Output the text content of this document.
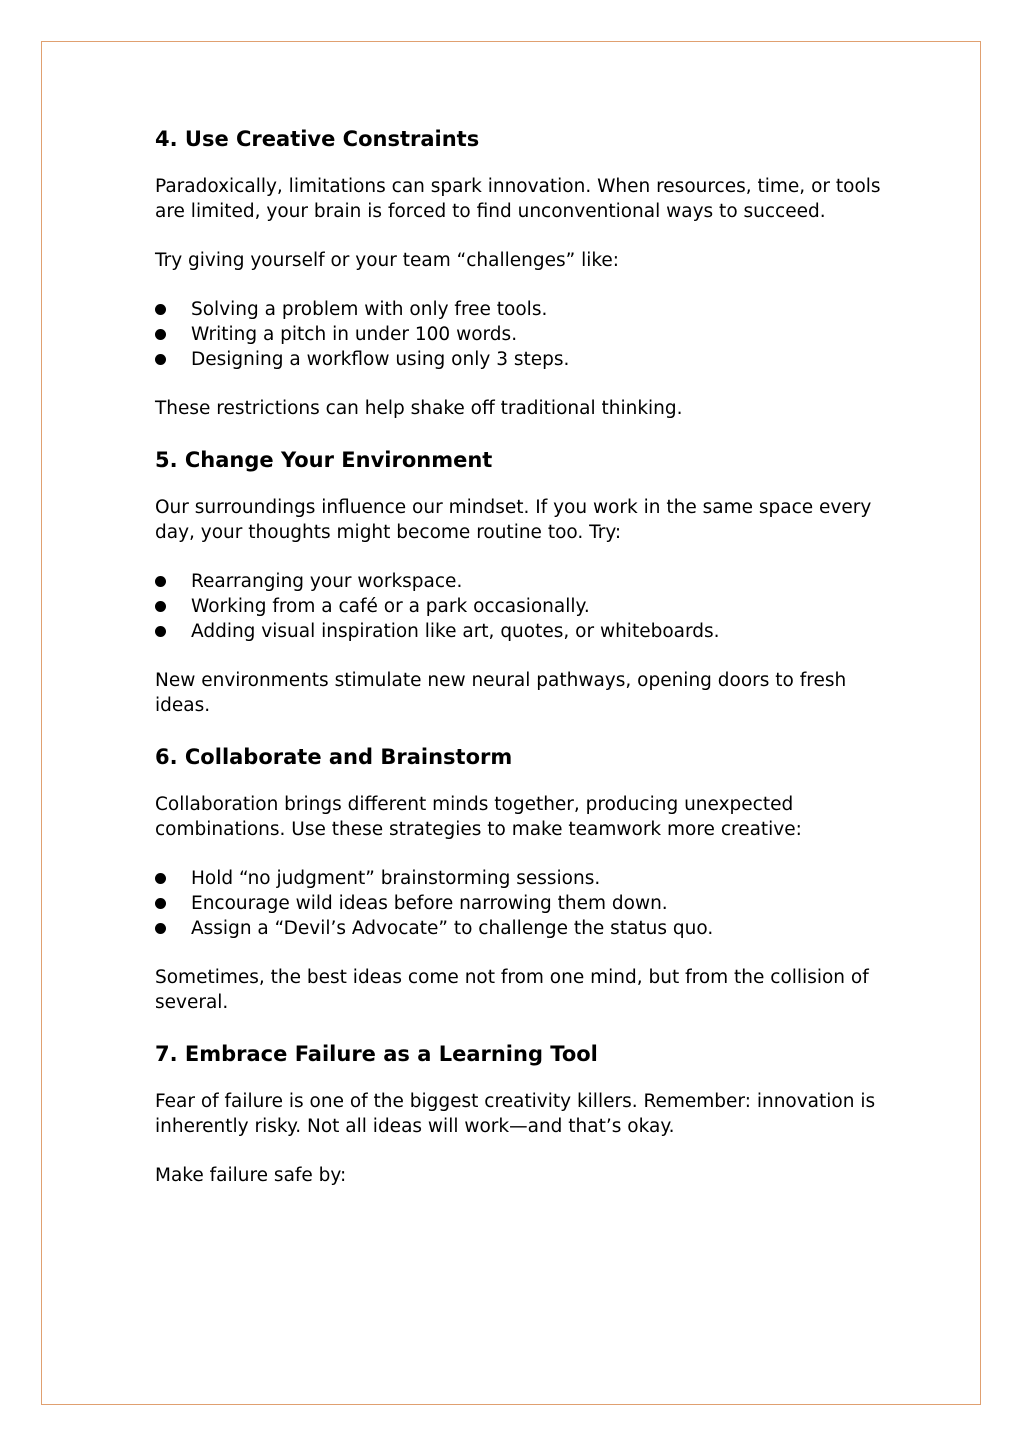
4. Use Creative Constraints

Paradoxically, limitations can spark innovation. When resources, time, or tools are limited, your brain is forced to find unconventional ways to succeed.

Try giving yourself or your team “challenges” like:

Solving a problem with only free tools.
Writing a pitch in under 100 words.
Designing a workflow using only 3 steps.

These restrictions can help shake off traditional thinking.

5. Change Your Environment

Our surroundings influence our mindset. If you work in the same space every day, your thoughts might become routine too. Try:

Rearranging your workspace.
Working from a café or a park occasionally.
Adding visual inspiration like art, quotes, or whiteboards.

New environments stimulate new neural pathways, opening doors to fresh ideas.

6. Collaborate and Brainstorm

Collaboration brings different minds together, producing unexpected combinations. Use these strategies to make teamwork more creative:

Hold “no judgment” brainstorming sessions.
Encourage wild ideas before narrowing them down.
Assign a “Devil’s Advocate” to challenge the status quo.

Sometimes, the best ideas come not from one mind, but from the collision of several.

7. Embrace Failure as a Learning Tool

Fear of failure is one of the biggest creativity killers. Remember: innovation is inherently risky. Not all ideas will work—and that’s okay.

Make failure safe by:
